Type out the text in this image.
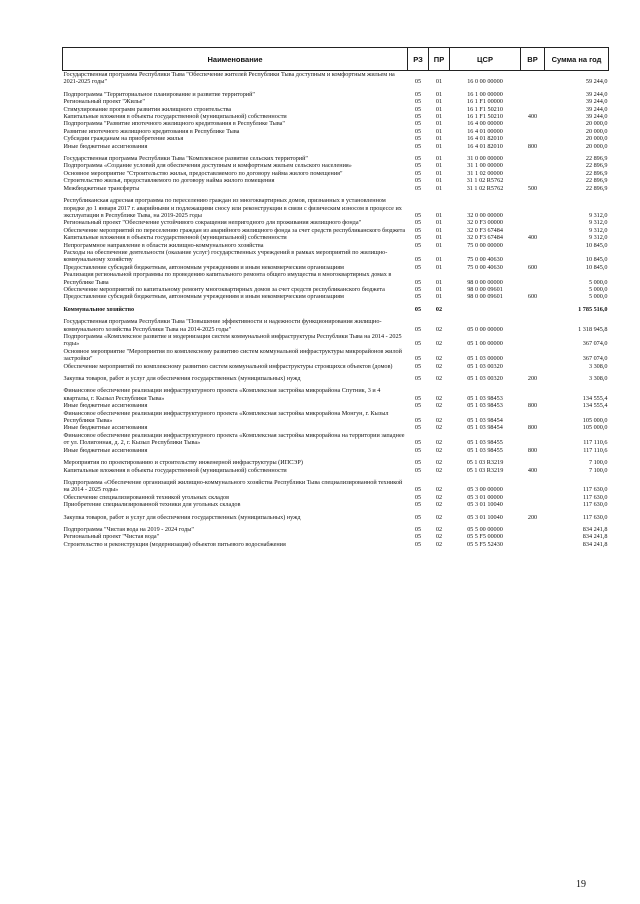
Наименование	РЗ	ПР	ЦСР	ВР	Сумма на год
Государственная программа Республики Тыва "Обеспечение жителей Республики Тыва доступным и комфортным жильем на 2021-2025 годы"	05	01	16 0 00 00000		59 244,0

Подпрограмма "Территориальное планирование и развитие территорий"	05	01	16 1 00 00000		39 244,0
Региональный проект "Жилье"	05	01	16 1 F1 00000		39 244,0
Стимулирование программ развития жилищного строительства	05	01	16 1 F1 50210		39 244,0
Капитальные вложения в объекты государственной (муниципальной) собственности	05	01	16 1 F1 50210	400	39 244,0
Подпрограмма "Развитие ипотечного жилищного кредитования в Республике Тыва"	05	01	16 4 00 00000		20 000,0
Развитие ипотечного жилищного кредитования в Республике Тыва	05	01	16 4 01 00000		20 000,0
Субсидии гражданам на приобретение жилья	05	01	16 4 01 82010		20 000,0
Иные бюджетные ассигнования	05	01	16 4 01 82010	800	20 000,0

Государственная программа Республики Тыва "Комплексное развитие сельских территорий"	05	01	31 0 00 00000		22 896,9
Подпрограмма «Создание условий для обеспечения доступным и комфортным жильем сельского населения»	05	01	31 1 00 00000		22 896,9
Основное мероприятие "Строительство жилья, предоставляемого по договору найма жилого помещения"	05	01	31 1 02 00000		22 896,9
Строительство жилья, предоставляемого по договору найма жилого помещения	05	01	31 1 02 R5762		22 896,9
Межбюджетные трансферты	05	01	31 1 02 R5762	500	22 896,9

Республиканская адресная программа по переселению граждан из многоквартирных домов, признанных в установленном порядке до 1 января 2017 г. аварийными и подлежащими сносу или реконструкции в связи с физическим износом в процессе их эксплуатации в Республике Тыва, на 2019-2025 годы	05	01	32 0 00 00000		9 312,0
Региональный проект "Обеспечение устойчивого сокращения непригодного для проживания жилищного фонда"	05	01	32 0 F3 00000		9 312,0
Обеспечение мероприятий по переселению граждан из аварийного жилищного фонда за счет средств республиканского бюджета	05	01	32 0 F3 67484		9 312,0
Капитальные вложения в объекты государственной (муниципальной) собственности	05	01	32 0 F3 67484	400	9 312,0
Непрограммное направление в области жилищно-коммунального хозяйства	05	01	75 0 00 00000		10 845,0
Расходы на обеспечение деятельности (оказание услуг) государственных учреждений в рамках мероприятий по жилищно-коммунальному хозяйству	05	01	75 0 00 40630		10 845,0
Предоставление субсидий бюджетным, автономным учреждениям и иным некоммерческим организациям	05	01	75 0 00 40630	600	10 845,0
Реализация региональной программы по проведению капитального ремонта общего имущества в многоквартирных домах в Республике Тыва	05	01	98 0 00 00000		5 000,0
Обеспечение мероприятий по капитальному ремонту многоквартирных домов за счет средств республиканского бюджета	05	01	98 0 00 09601		5 000,0
Предоставление субсидий бюджетным, автономным учреждениям и иным некоммерческим организациям	05	01	98 0 00 09601	600	5 000,0

Коммунальное хозяйство	05	02			1 785 516,0

Государственная программа Республики Тыва "Повышение эффективности и надежности функционирования жилищно-коммунального хозяйства Республики Тыва на 2014-2025 годы"	05	02	05 0 00 00000		1 318 945,8
Подпрограмма «Комплексное развитие и модернизация систем коммунальной инфраструктуры Республики Тыва на 2014 - 2025 годы»	05	02	05 1 00 00000		367 074,0
Основное мероприятие "Мероприятия по комплексному развитию систем коммунальной инфраструктуры микрорайонов жилой застройки"	05	02	05 1 03 00000		367 074,0
Обеспечение мероприятий по комплексному развитию систем коммунальной инфраструктуры строящихся объектов (домов)	05	02	05 1 03 00320		3 308,0

Закупка товаров, работ и услуг для обеспечения государственных (муниципальных) нужд	05	02	05 1 03 00320	200	3 308,0

Финансовое обеспечение реализации инфраструктурного проекта «Комплексная застройка микрорайона Спутник, 3 и 4 кварталы, г. Кызыл Республики Тыва»	05	02	05 1 03 98453		134 555,4
Иные бюджетные ассигнования	05	02	05 1 03 98453	800	134 555,4
Финансовое обеспечение реализации инфраструктурного проекта «Комплексная застройка микрорайона Монгун, г. Кызыл Республики Тыва»	05	02	05 1 03 98454		105 000,0
Иные бюджетные ассигнования	05	02	05 1 03 98454	800	105 000,0
Финансовое обеспечение реализации инфраструктурного проекта «Комплексная застройка микрорайона на территории западнее от ул. Полигонная, д. 2, г. Кызыл Республики Тыва»	05	02	05 1 03 98455		117 110,6
Иные бюджетные ассигнования	05	02	05 1 03 98455	800	117 110,6

Мероприятия по проектированию и строительству инженерной инфраструктуры (ИПСЭР)	05	02	05 1 03 R3219		7 100,0
Капитальные вложения в объекты государственной (муниципальной) собственности	05	02	05 1 03 R3219	400	7 100,0

Подпрограмма «Обеспечение организаций жилищно-коммунального хозяйства Республики Тыва специализированной техникой на 2014 - 2025 годы»	05	02	05 3 00 00000		117 630,0
Обеспечение специализированной техникой угольных складов	05	02	05 3 01 00000		117 630,0
Приобретение специализированной техники для угольных складов	05	02	05 3 01 10040		117 630,0

Закупка товаров, работ и услуг для обеспечения государственных (муниципальных) нужд	05	02	05 3 01 10040	200	117 630,0

Подпрограмма "Чистая вода на 2019 - 2024 годы"	05	02	05 5 00 00000		834 241,8
Региональный проект "Чистая вода"	05	02	05 5 F5 00000		834 241,8
Строительство и реконструкция (модернизация) объектов питьевого водоснабжения	05	02	05 5 F5 52430		834 241,8
19
